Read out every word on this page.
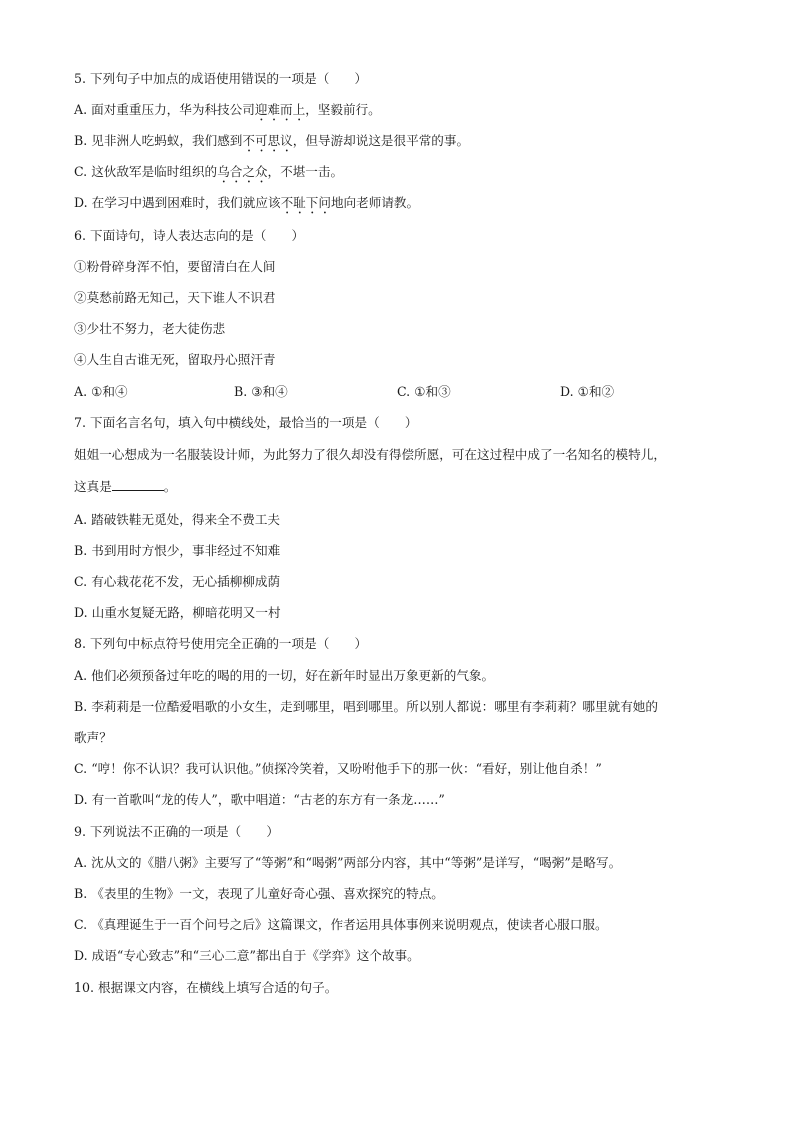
5. 下列句子中加点的成语使用错误的一项是（　　）
A. 面对重重压力，华为科技公司迎难而上，坚毅前行。
B. 见非洲人吃蚂蚁，我们感到不可思议，但导游却说这是很平常的事。
C. 这伙敌军是临时组织的乌合之众，不堪一击。
D. 在学习中遇到困难时，我们就应该不耻下问地向老师请教。
6. 下面诗句，诗人表达志向的是（　　）
①粉骨碎身浑不怕，要留清白在人间
②莫愁前路无知己，天下谁人不识君
③少壮不努力，老大徒伤悲
④人生自古谁无死，留取丹心照汗青
A. ①和④	B. ③和④	C. ①和③	D. ①和②
7. 下面名言名句，填入句中横线处，最恰当的一项是（　　）
姐姐一心想成为一名服装设计师，为此努力了很久却没有得偿所愿，可在这过程中成了一名知名的模特儿，
这真是	。
A. 踏破铁鞋无觅处，得来全不费工夫
B. 书到用时方恨少，事非经过不知难
C. 有心栽花花不发，无心插柳柳成荫
D. 山重水复疑无路，柳暗花明又一村
8. 下列句中标点符号使用完全正确的一项是（　　）
A. 他们必须预备过年吃的喝的用的一切，好在新年时显出万象更新的气象。
B. 李莉莉是一位酷爱唱歌的小女生，走到哪里，唱到哪里。所以别人都说：哪里有李莉莉？哪里就有她的
歌声？
C. “哼！你不认识？我可认识他。”侦探冷笑着，又吩咐他手下的那一伙：“看好，别让他自杀！”
D. 有一首歌叫“龙的传人”，歌中唱道：“古老的东方有一条龙……”
9. 下列说法不正确的一项是（　　）
A. 沈从文的《腊八粥》主要写了“等粥”和“喝粥”两部分内容，其中“等粥”是详写，“喝粥”是略写。
B. 《表里的生物》一文，表现了儿童好奇心强、喜欢探究的特点。
C. 《真理诞生于一百个问号之后》这篇课文，作者运用具体事例来说明观点，使读者心服口服。
D. 成语“专心致志”和“三心二意”都出自于《学弈》这个故事。
10. 根据课文内容，在横线上填写合适的句子。
